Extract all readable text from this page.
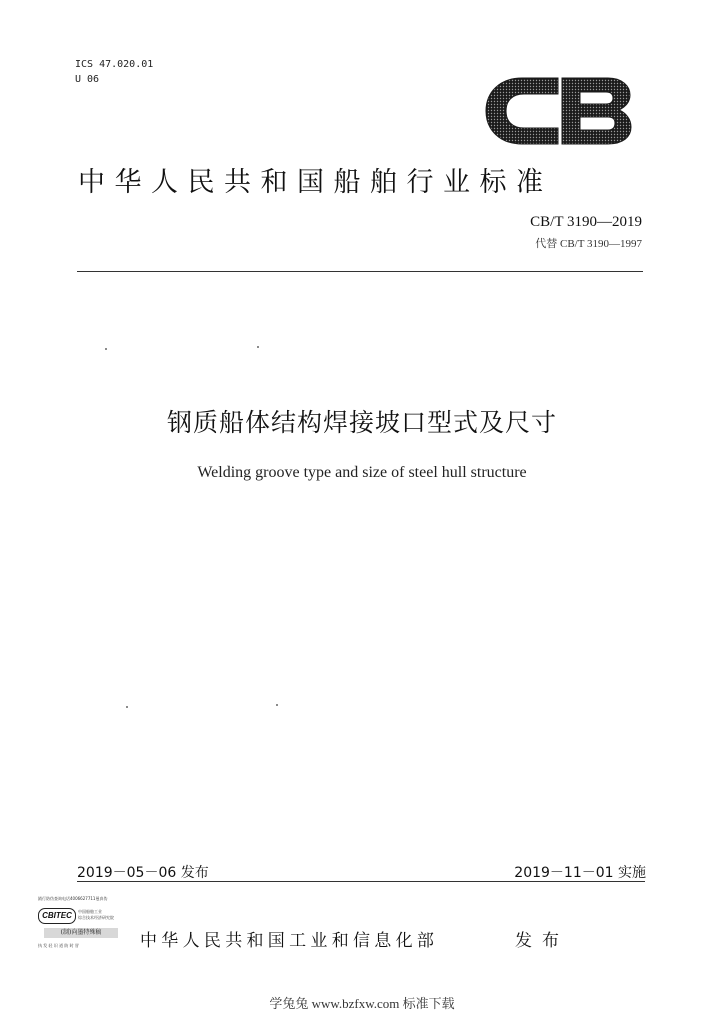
ICS 47.020.01
U 06
中华人民共和国船舶行业标准
CB/T 3190—2019
代替 CB/T 3190—1997
钢质船体结构焊接坡口型式及尺寸
Welding groove type and size of steel hull structure
2019－05－06 发布	2019－11－01 实施
銷行防伪查询电话4006627711曼真伪
CBITEC	中国船舶工业
综合技术经济研究院
(制)向墨特殊稿
执 发 轻 识 道 防 时 冒	中华人民共和国工业和信息化部	发布
学兔兔 www.bzfxw.com 标准下载
